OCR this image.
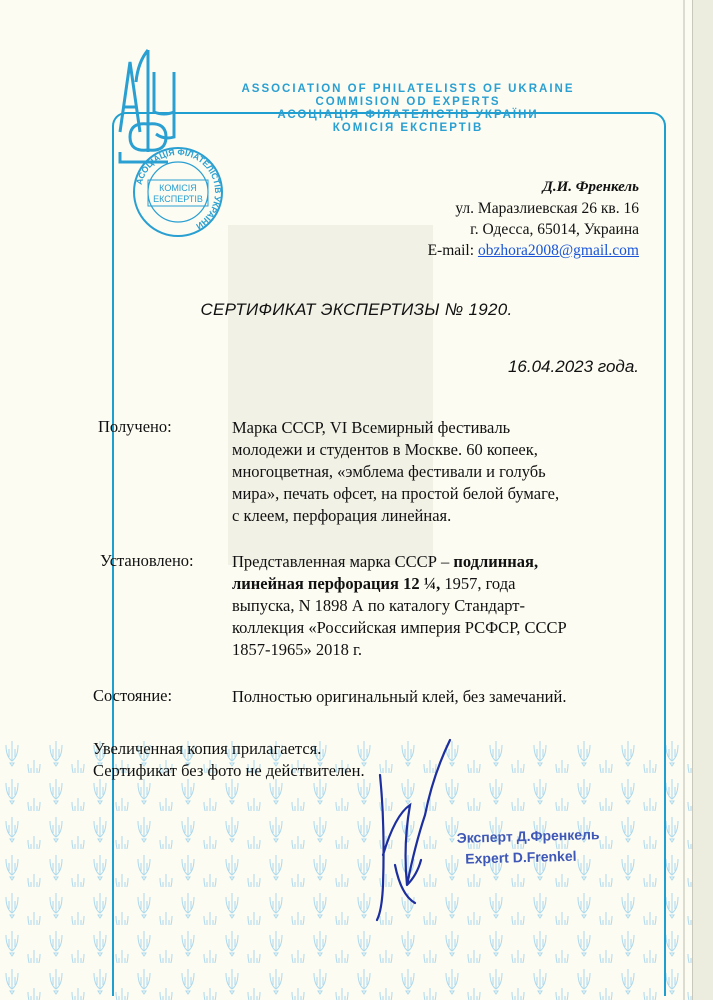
АСОЦІАЦІЯ ФІЛАТЕЛІСТІВ УКРАЇНИ
КОМІСІЯ
ЕКСПЕРТІВ
ASSOCIATION OF PHILATELISTS OF UKRAINE
COMMISION OD EXPERTS
АСОЦІАЦІЯ ФІЛАТЕЛІСТІВ УКРАЇНИ
КОМІСІЯ ЕКСПЕРТІВ
Д.И. Френкель
ул. Маразлиевская 26 кв. 16
г. Одесса, 65014, Украина
E-mail: obzhora2008@gmail.com
СЕРТИФИКАТ ЭКСПЕРТИЗЫ № 1920.
16.04.2023 года.
Получено:	Марка СССР, VI Всемирный фестиваль
молодежи и студентов в Москве. 60 копеек,
многоцветная, «эмблема фестивали и голубь
мира», печать офсет, на простой белой бумаге,
с клеем, перфорация линейная.
Установлено: Представленная марка СССР – подлинная,
линейная перфорация 12 ¼, 1957, года
выпуска, N 1898 А по каталогу Стандарт-
коллекция «Российская империя РСФСР, СССР
1857-1965» 2018 г.
Состояние:	Полностью оригинальный клей, без замечаний.
Увеличенная копия прилагается.
Сертификат без фото не действителен.
Эксперт Д.Френкель
Expert D.Frenkel
